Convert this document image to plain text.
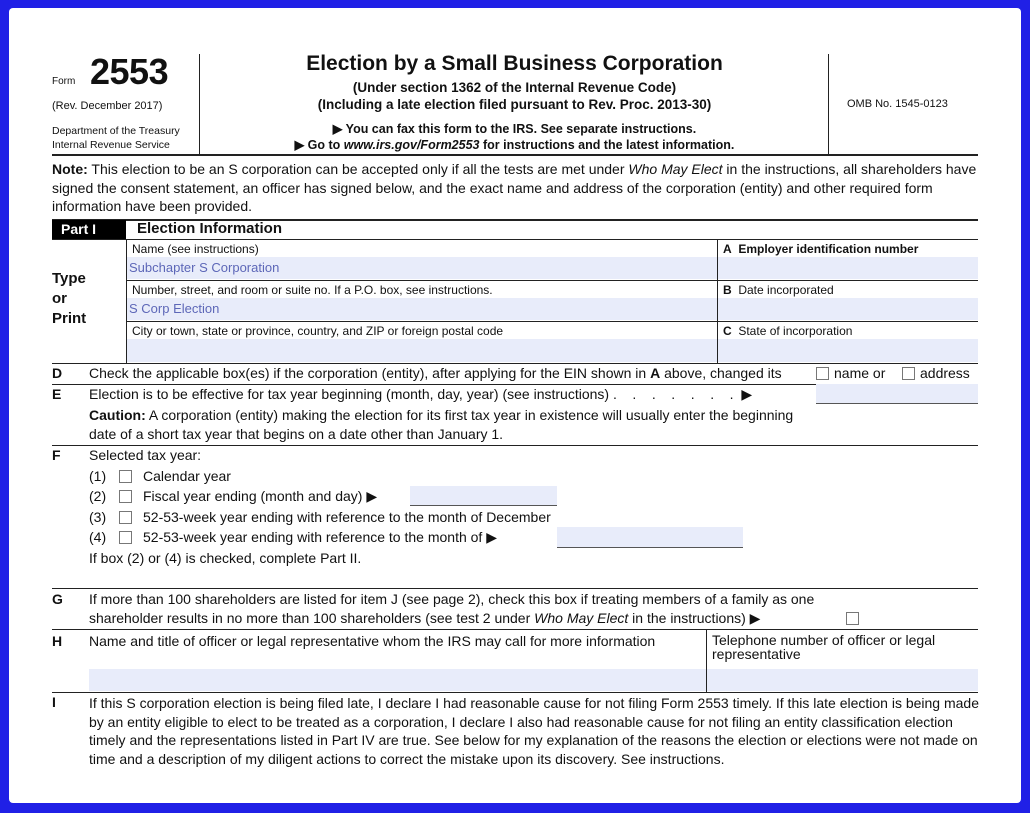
Form 2553
(Rev. December 2017)
Department of the Treasury
Internal Revenue Service
Election by a Small Business Corporation
(Under section 1362 of the Internal Revenue Code)
(Including a late election filed pursuant to Rev. Proc. 2013-30)
▶ You can fax this form to the IRS. See separate instructions.
▶ Go to www.irs.gov/Form2553 for instructions and the latest information.
OMB No. 1545-0123
Note: This election to be an S corporation can be accepted only if all the tests are met under Who May Elect in the instructions, all shareholders have signed the consent statement, an officer has signed below, and the exact name and address of the corporation (entity) and other required form information have been provided.
Part I	Election Information
Type
or
Print
Name (see instructions)
Subchapter S Corporation
A Employer identification number
Number, street, and room or suite no. If a P.O. box, see instructions.
S Corp Election
B Date incorporated
City or town, state or province, country, and ZIP or foreign postal code	C State of incorporation
D Check the applicable box(es) if the corporation (entity), after applying for the EIN shown in A above, changed its	name or address
E Election is to be effective for tax year beginning (month, day, year) (see instructions) .    .    .    .    .    .    .  ▶
Caution: A corporation (entity) making the election for its first tax year in existence will usually enter the beginning date of a short tax year that begins on a date other than January 1.
F Selected tax year:
(1)	Calendar year
(2)	Fiscal year ending (month and day) ▶
(3)	52-53-week year ending with reference to the month of December
(4)	52-53-week year ending with reference to the month of ▶
If box (2) or (4) is checked, complete Part II.
G If more than 100 shareholders are listed for item J (see page 2), check this box if treating members of a family as one
shareholder results in no more than 100 shareholders (see test 2 under Who May Elect in the instructions) ▶
H Name and title of officer or legal representative whom the IRS may call for more information	Telephone number of officer or legal representative
I If this S corporation election is being filed late, I declare I had reasonable cause for not filing Form 2553 timely. If this late election is being made by an entity eligible to elect to be treated as a corporation, I declare I also had reasonable cause for not filing an entity classification election timely and the representations listed in Part IV are true. See below for my explanation of the reasons the election or elections were not made on time and a description of my diligent actions to correct the mistake upon its discovery. See instructions.
